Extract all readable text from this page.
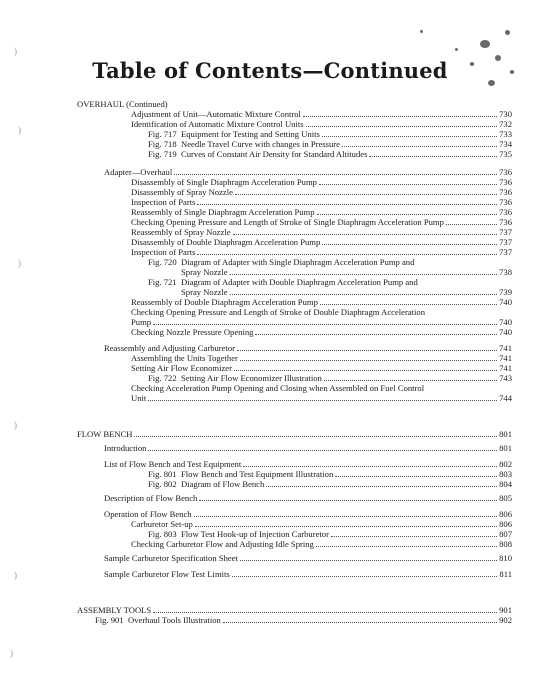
Table of Contents—Continued
OVERHAUL (Continued)
Adjustment of Unit—Automatic Mixture Control	730
Identification of Automatic Mixture Control Units	732
Fig. 717 Equipment for Testing and Setting Units	733
Fig. 718 Needle Travel Curve with changes in Pressure	734
Fig. 719 Curves of Constant Air Density for Standard Altitudes	735
Adapter—Overhaul	736
Disassembly of Single Diaphragm Acceleration Pump	736
Disassembly of Spray Nozzle	736
Inspection of Parts	736
Reassembly of Single Diaphragm Acceleration Pump	736
Checking Opening Pressure and Length of Stroke of Single Diaphragm Acceleration Pump	736
Reassembly of Spray Nozzle	737
Disassembly of Double Diaphragm Acceleration Pump	737
Inspection of Parts	737
Fig. 720 Diagram of Adapter with Single Diaphragm Acceleration Pump and
Spray Nozzle	738
Fig. 721 Diagram of Adapter with Double Diaphragm Acceleration Pump and
Spray Nozzle	739
Reassembly of Double Diaphragm Acceleration Pump	740
Checking Opening Pressure and Length of Stroke of Double Diaphragm Acceleration
Pump	740
Checking Nozzle Pressure Opening	740
Reassembly and Adjusting Carburetor	741
Assembling the Units Together	741
Setting Air Flow Economizer	741
Fig. 722 Setting Air Flow Economizer Illustration	743
Checking Acceleration Pump Opening and Closing when Assembled on Fuel Control
Unit	744
FLOW BENCH	801
Introduction	801
List of Flow Bench and Test Equipment	802
Fig. 801 Flow Bench and Test Equipment Illustration	803
Fig. 802 Diagram of Flow Bench	804
Description of Flow Bench	805
Operation of Flow Bench	806
Carburetor Set-up	806
Fig. 803 Flow Test Hook-up of Injection Carburetor	807
Checking Carburetor Flow and Adjusting Idle Spring	808
Sample Carburetor Specification Sheet	810
Sample Carburetor Flow Test Limits	811
ASSEMBLY TOOLS	901
Fig. 901 Overhaul Tools Illustration	902
)
)
)
)
)
)
